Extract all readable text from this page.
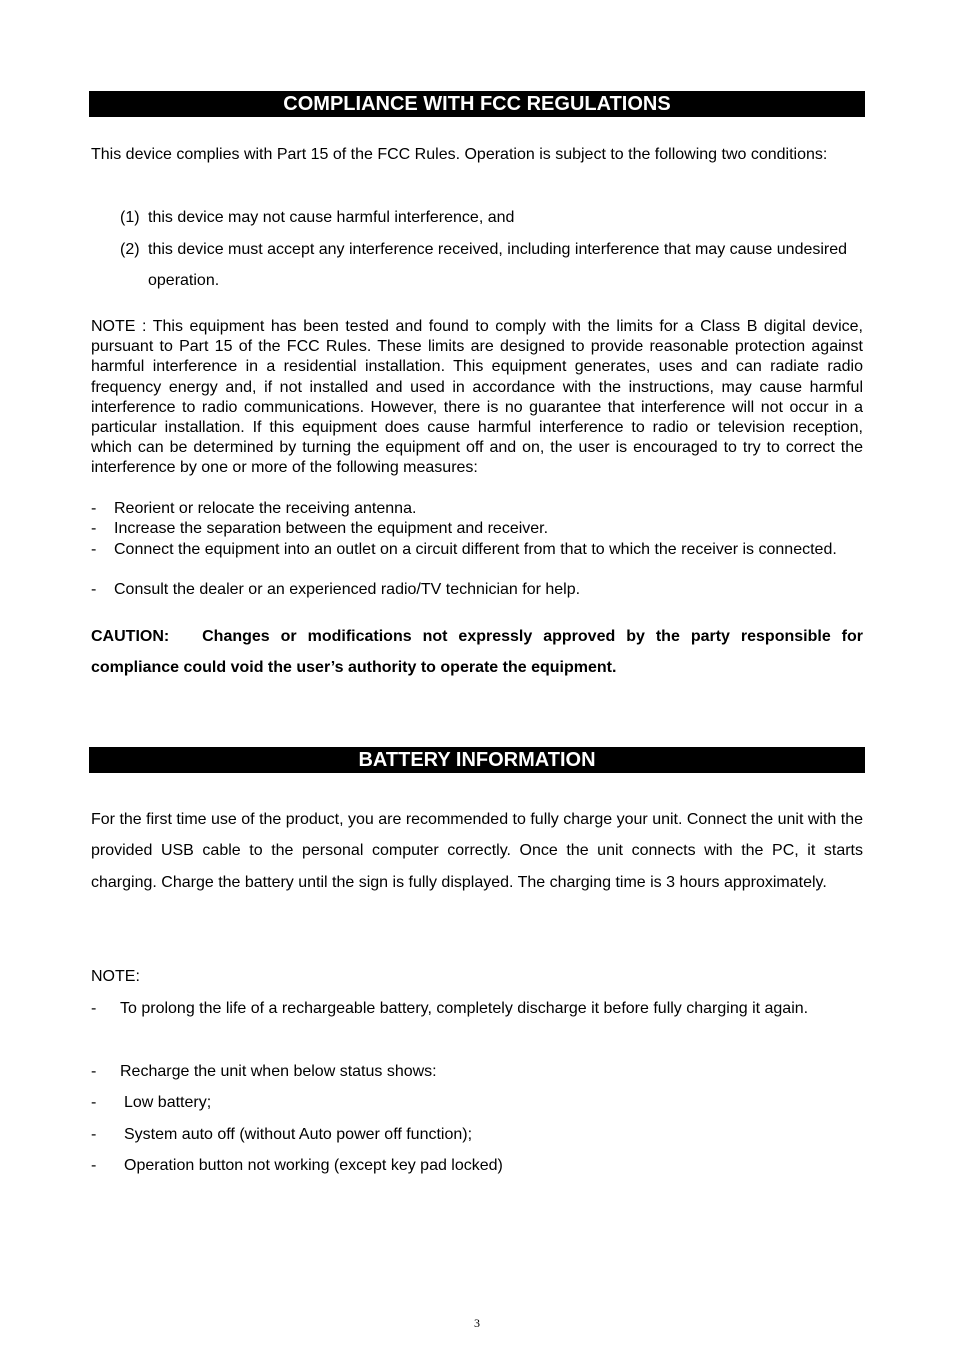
COMPLIANCE WITH FCC REGULATIONS
This device complies with Part 15 of the FCC Rules. Operation is subject to the following two conditions:
(1) this device may not cause harmful interference, and
(2) this device must accept any interference received, including interference that may cause undesired operation.
NOTE : This equipment has been tested and found to comply with the limits for a Class B digital device, pursuant to Part 15 of the FCC Rules. These limits are designed to provide reasonable protection against harmful interference in a residential installation. This equipment generates, uses and can radiate radio frequency energy and, if not installed and used in accordance with the instructions, may cause harmful interference to radio communications. However, there is no guarantee that interference will not occur in a particular installation. If this equipment does cause harmful interference to radio or television reception, which can be determined by turning the equipment off and on, the user is encouraged to try to correct the interference by one or more of the following measures:
- Reorient or relocate the receiving antenna.
- Increase the separation between the equipment and receiver.
- Connect the equipment into an outlet on a circuit different from that to which the receiver is connected.
- Consult the dealer or an experienced radio/TV technician for help.
CAUTION: Changes or modifications not expressly approved by the party responsible for compliance could void the user’s authority to operate the equipment.
BATTERY INFORMATION
For the first time use of the product, you are recommended to fully charge your unit. Connect the unit with the provided USB cable to the personal computer correctly. Once the unit connects with the PC, it starts charging. Charge the battery until the sign is fully displayed. The charging time is 3 hours approximately.
NOTE:
- To prolong the life of a rechargeable battery, completely discharge it before fully charging it again.
- Recharge the unit when below status shows:
- Low battery;
- System auto off (without Auto power off function);
- Operation button not working (except key pad locked)
3
